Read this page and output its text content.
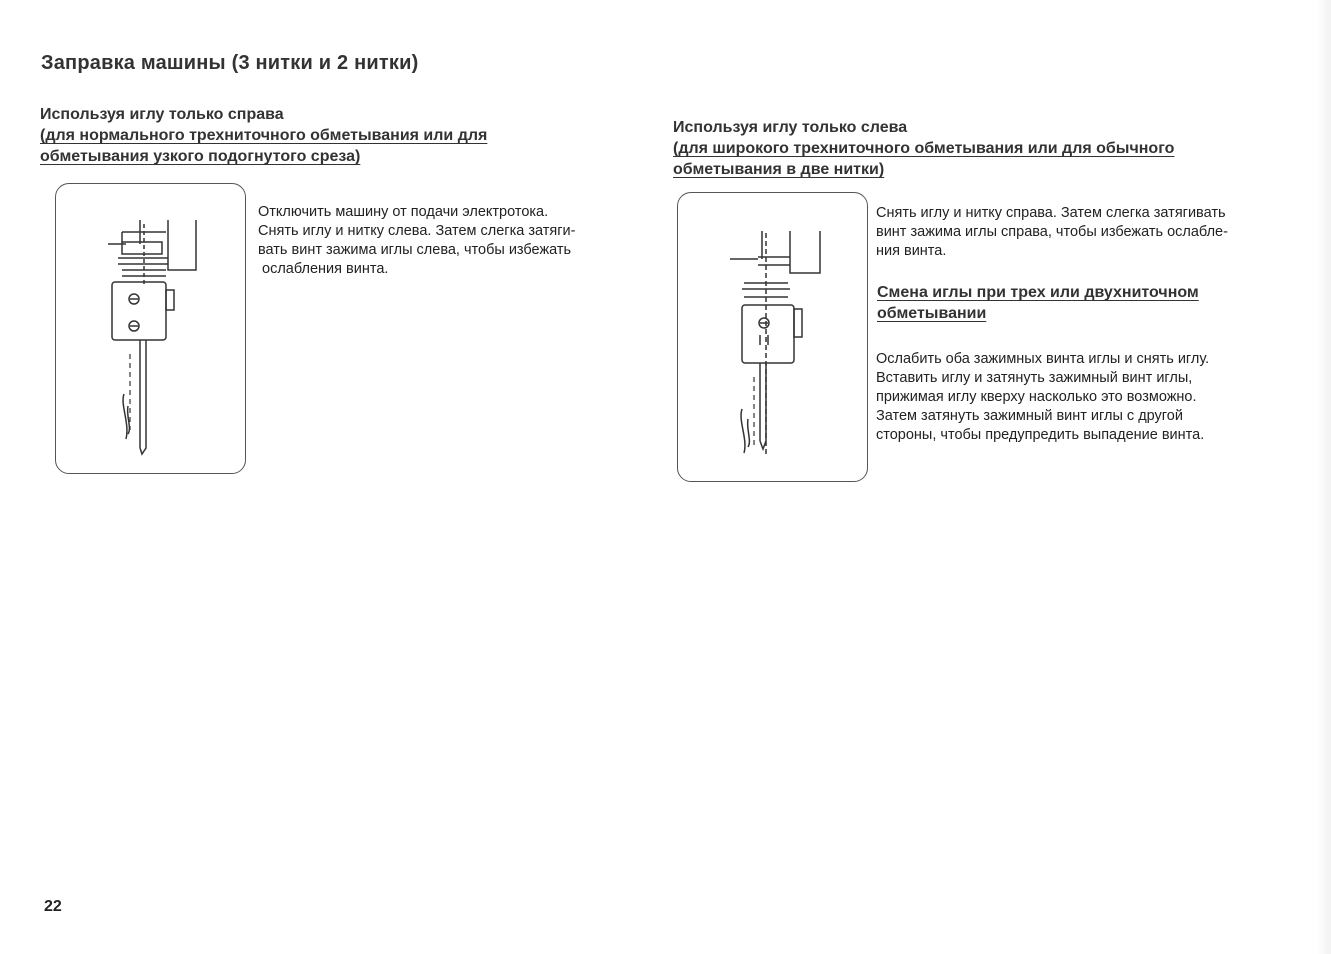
Заправка машины (3 нитки и 2 нитки)
Используя иглу только справа
(для нормального трехниточного обметывания или для
обметывания узкого подогнутого среза)
Отключить машину от подачи электротока.
Снять иглу и нитку слева. Затем слегка затяги-
вать винт зажима иглы слева, чтобы избежать
ослабления винта.
Используя иглу только слева
(для широкого трехниточного обметывания или для обычного
обметывания в две нитки)
Снять иглу и нитку справа. Затем слегка затягивать
винт зажима иглы справа, чтобы избежать ослабле-
ния винта.
Смена иглы при трех или двухниточном
обметывании
Ослабить оба зажимных винта иглы и снять иглу.
Вставить иглу и затянуть зажимный винт иглы,
прижимая иглу кверху насколько это возможно.
Затем затянуть зажимный винт иглы с другой
стороны, чтобы предупредить выпадение винта.
22
